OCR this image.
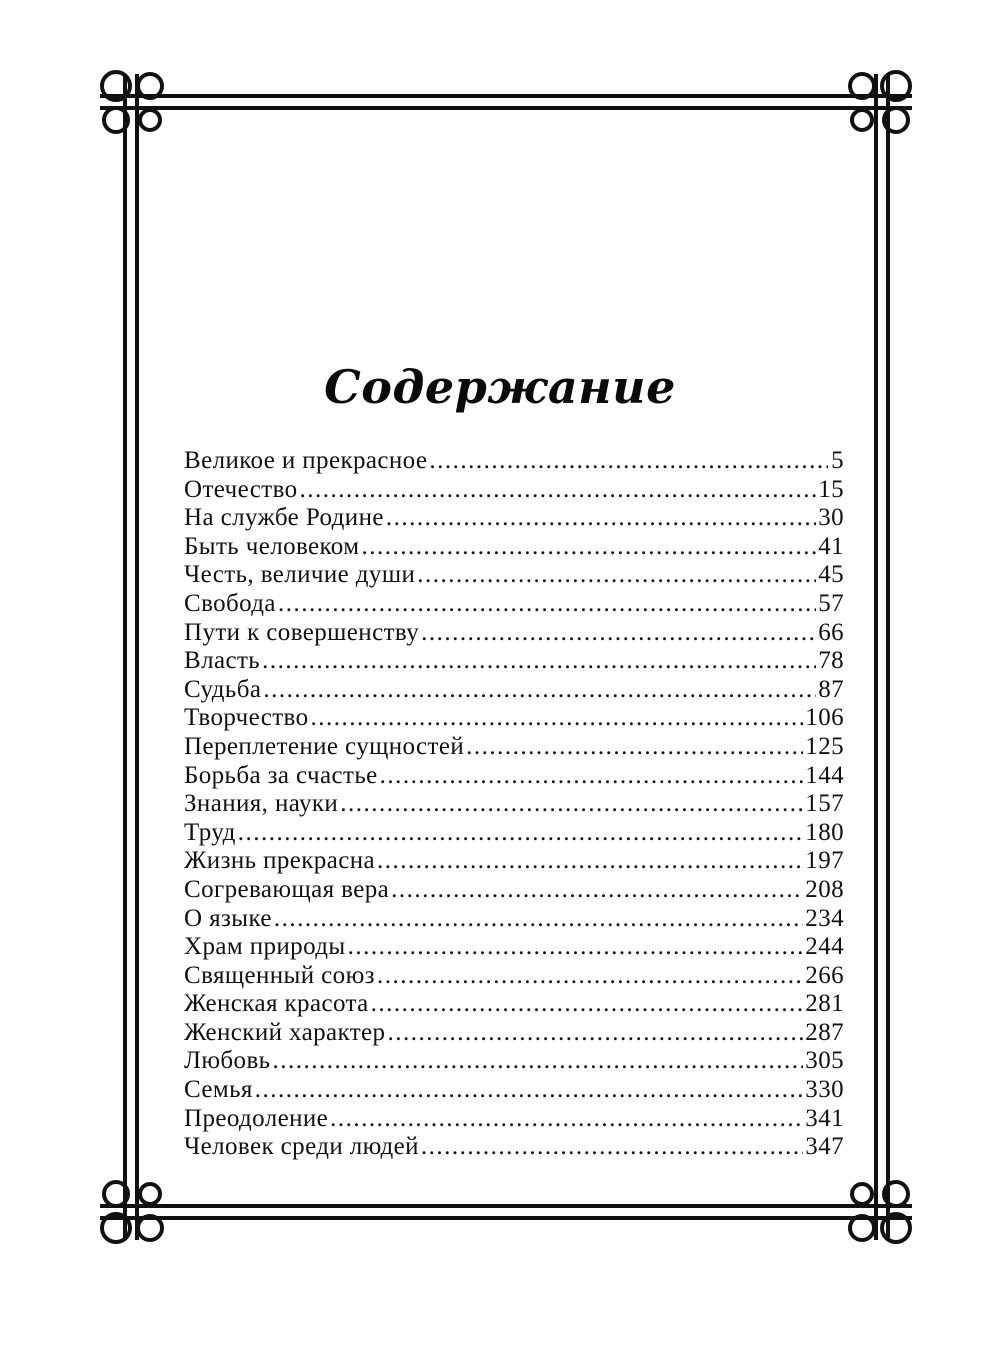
Содержание
Великое и прекрасное .....	5
Отечество .....	15
На службе Родине .....	30
Быть человеком .....	41
Честь, величие души .....	45
Свобода .....	57
Пути к совершенству .....	66
Власть .....	78
Судьба .....	87
Творчество .....	106
Переплетение сущностей .....	125
Борьба за счастье .....	144
Знания, науки .....	157
Труд .....	180
Жизнь прекрасна .....	197
Согревающая вера .....	208
О языке .....	234
Храм природы .....	244
Священный союз .....	266
Женская красота .....	281
Женский характер .....	287
Любовь .....	305
Семья .....	330
Преодоление .....	341
Человек среди людей .....	347
